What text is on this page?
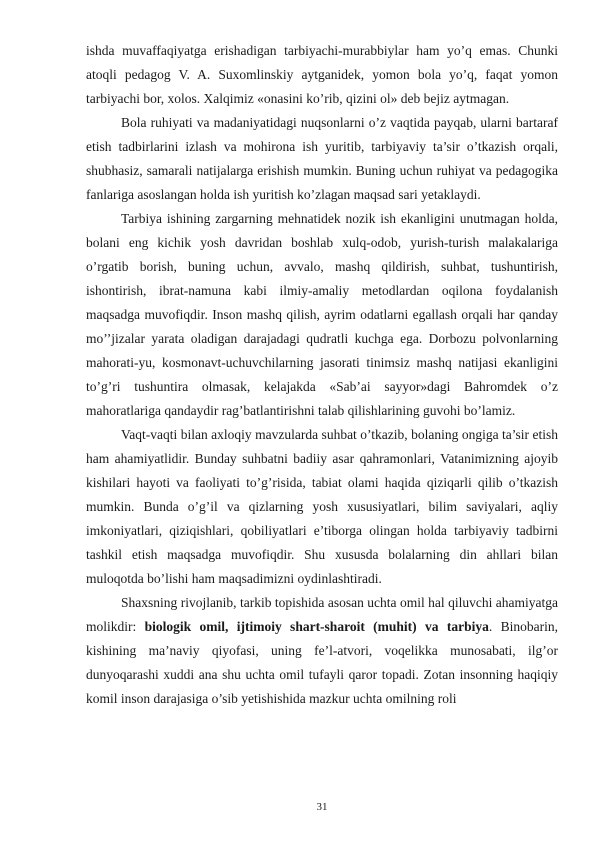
ishda muvaffaqiyatga erishadigan tarbiyachi-murabbiylar ham yo’q emas. Chunki atoqli pedagog V. A. Suxomlinskiy aytganidek, yomon bola yo’q, faqat yomon tarbiyachi bor, xolos. Xalqimiz «onasini ko’rib, qizini ol» deb bejiz aytmagan.

Bola ruhiyati va madaniyatidagi nuqsonlarni o’z vaqtida payqab, ularni bartaraf etish tadbirlarini izlash va mohirona ish yuritib, tarbiyaviy ta’sir o’tkazish orqali, shubhasiz, samarali natijalarga erishish mumkin. Buning uchun ruhiyat va pedagogika fanlariga asoslangan holda ish yuritish ko’zlagan maqsad sari yetaklaydi.

Tarbiya ishining zargarning mehnatidek nozik ish ekanligini unutmagan holda, bolani eng kichik yosh davridan boshlab xulq-odob, yurish-turish malakalariga o’rgatib borish, buning uchun, avvalo, mashq qildirish, suhbat, tushuntirish, ishontirish, ibrat-namuna kabi ilmiy-amaliy metodlardan oqilona foydalanish maqsadga muvofiqdir. Inson mashq qilish, ayrim odatlarni egallash orqali har qanday mo’’jizalar yarata oladigan darajadagi qudratli kuchga ega. Dorbozu polvonlarning mahorati-yu, kosmonavt-uchuvchilarning jasorati tinimsiz mashq natijasi ekanligini to’g’ri tushuntira olmasak, kelajakda «Sab’ai sayyor»dagi Bahromdek o’z mahoratlariga qandaydir rag’batlantirishni talab qilishlarining guvohi bo’lamiz.

Vaqt-vaqti bilan axloqiy mavzularda suhbat o’tkazib, bolaning ongiga ta’sir etish ham ahamiyatlidir. Bunday suhbatni badiiy asar qahramonlari, Vatanimizning ajoyib kishilari hayoti va faoliyati to’g’risida, tabiat olami haqida qiziqarli qilib o’tkazish mumkin. Bunda o’g’il va qizlarning yosh xususiyatlari, bilim saviyalari, aqliy imkoniyatlari, qiziqishlari, qobiliyatlari e’tiborga olingan holda tarbiyaviy tadbirni tashkil etish maqsadga muvofiqdir. Shu xususda bolalarning din ahllari bilan muloqotda bo’lishi ham maqsadimizni oydinlashtiradi.

Shaxsning rivojlanib, tarkib topishida asosan uchta omil hal qiluvchi ahamiyatga molikdir: biologik omil, ijtimoiy shart-sharoit (muhit) va tarbiya. Binobarin, kishining ma’naviy qiyofasi, uning fe’l-atvori, voqelikka munosabati, ilg’or dunyoqarashi xuddi ana shu uchta omil tufayli qaror topadi. Zotan insonning haqiqiy komil inson darajasiga o’sib yetishishida mazkur uchta omilning roli

31
